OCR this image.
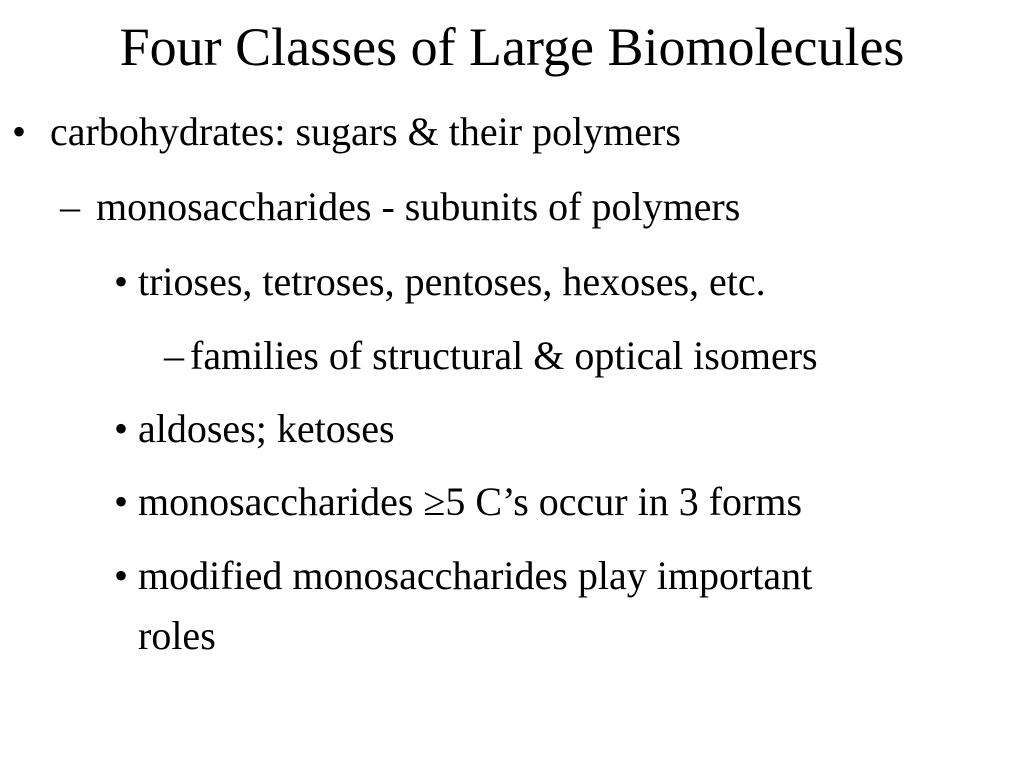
Four Classes of Large Biomolecules
• carbohydrates: sugars & their polymers
– monosaccharides - subunits of polymers
• trioses, tetroses, pentoses, hexoses, etc.
– families of structural & optical isomers
• aldoses; ketoses
• monosaccharides ≥5 C’s occur in 3 forms
• modified monosaccharides play important
roles
